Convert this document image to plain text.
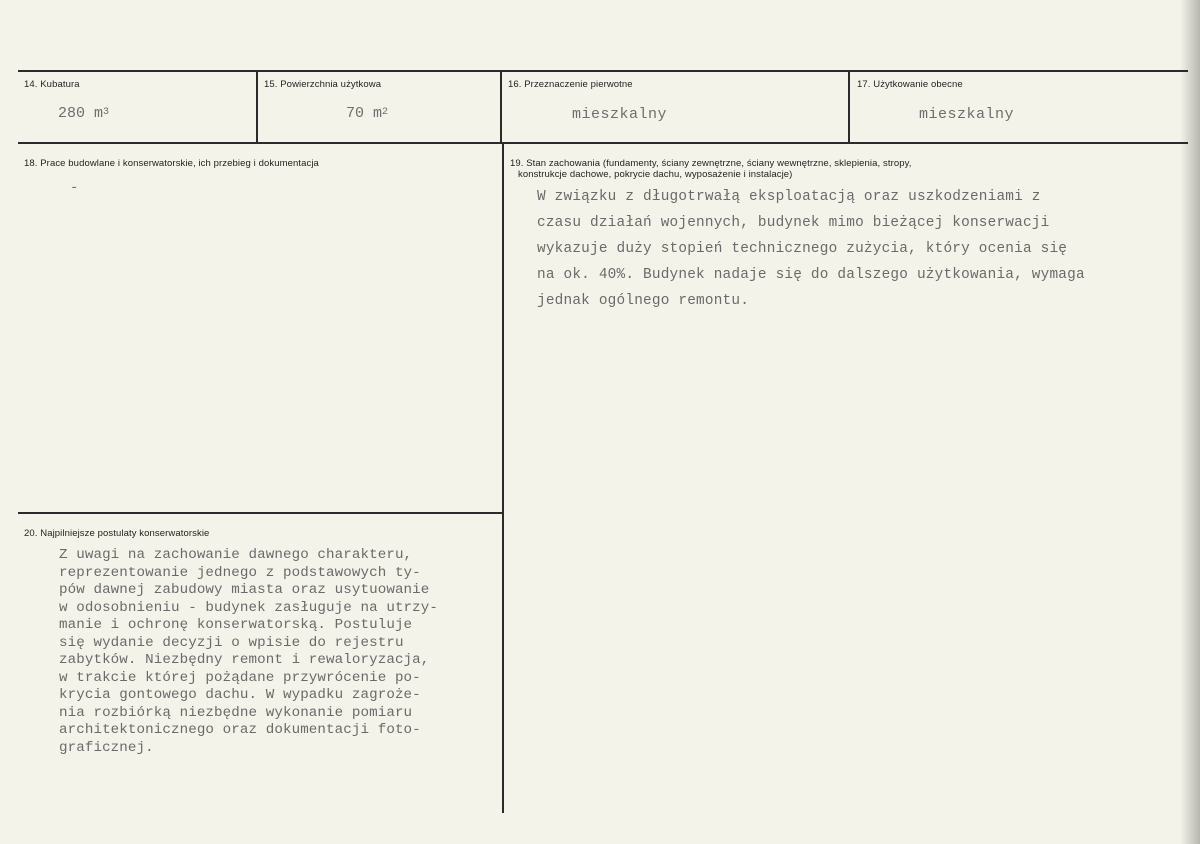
14. Kubatura
280 $m^3$
15. Powierzchnia użytkowa
70 $m^2$
16. Przeznaczenie pierwotne
mieszkalny
17. Użytkowanie obecne
mieszkalny
18. Prace budowlane i konserwatorskie, ich przebieg i dokumentacja
-
19. Stan zachowania (fundamenty, ściany zewnętrzne, ściany wewnętrzne, sklepienia, stropy,
konstrukcje dachowe, pokrycie dachu, wyposażenie i instalacje)
W związku z długotrwałą eksploatacją oraz uszkodzeniami z
czasu działań wojennych, budynek mimo bieżącej konserwacji
wykazuje duży stopień technicznego zużycia, który ocenia się
na ok. 40%. Budynek nadaje się do dalszego użytkowania, wymaga
jednak ogólnego remontu.
20. Najpilniejsze postulaty konserwatorskie
Z uwagi na zachowanie dawnego charakteru,
reprezentowanie jednego z podstawowych ty-
pów dawnej zabudowy miasta oraz usytuowanie
w odosobnieniu - budynek zasługuje na utrzy-
manie i ochronę konserwatorską. Postuluje
się wydanie decyzji o wpisie do rejestru
zabytków. Niezbędny remont i rewaloryzacja,
w trakcie której pożądane przywrócenie po-
krycia gontowego dachu. W wypadku zagroże-
nia rozbiórką niezbędne wykonanie pomiaru
architektonicznego oraz dokumentacji foto-
graficznej.
